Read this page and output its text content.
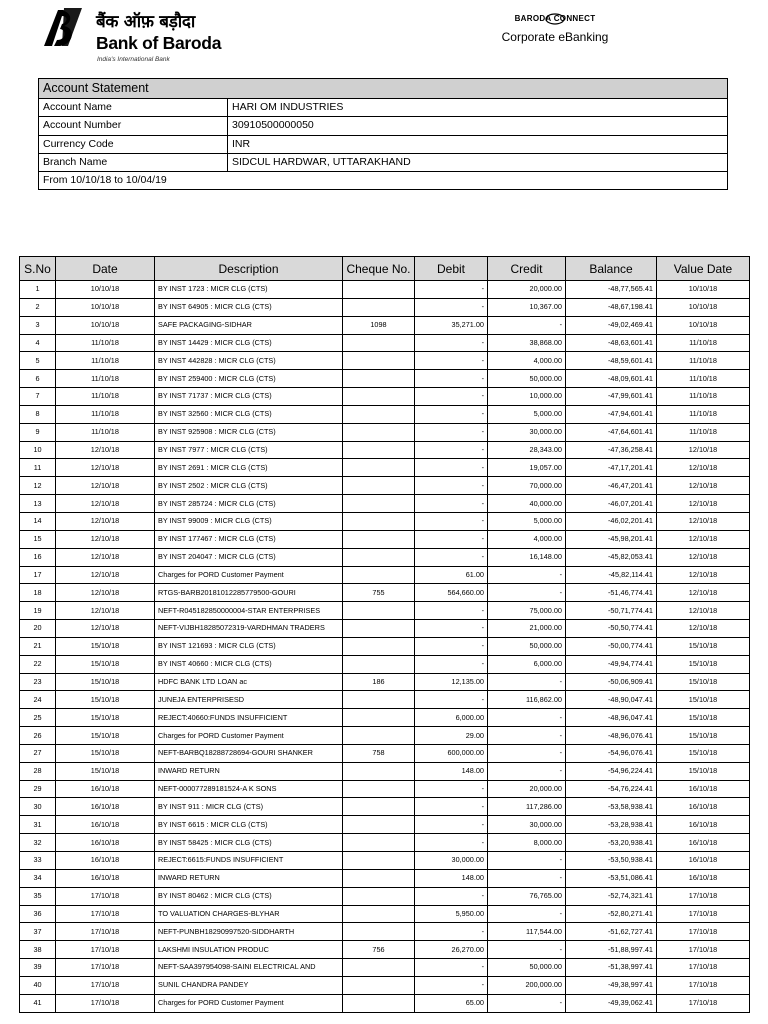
बैंक ऑफ़ बड़ौदा
Bank of Baroda
India's International Bank
BARODA CONNECT
Corporate eBanking
Account Statement	
Account Name	HARI OM INDUSTRIES
Account Number	30910500000050
Currency Code	INR
Branch Name	SIDCUL HARDWAR, UTTARAKHAND
From 10/10/18 to 10/04/19	
S.No	Date	Description	Cheque No.	Debit	Credit	Balance	Value Date
1	10/10/18	BY INST 1723 : MICR CLG (CTS)		-	20,000.00	-48,77,565.41	10/10/18
2	10/10/18	BY INST 64905 : MICR CLG (CTS)		-	10,367.00	-48,67,198.41	10/10/18
3	10/10/18	SAFE PACKAGING-SIDHAR	1098	35,271.00	-	-49,02,469.41	10/10/18
4	11/10/18	BY INST 14429 : MICR CLG (CTS)		-	38,868.00	-48,63,601.41	11/10/18
5	11/10/18	BY INST 442828 : MICR CLG (CTS)		-	4,000.00	-48,59,601.41	11/10/18
6	11/10/18	BY INST 259400 : MICR CLG (CTS)		-	50,000.00	-48,09,601.41	11/10/18
7	11/10/18	BY INST 71737 : MICR CLG (CTS)		-	10,000.00	-47,99,601.41	11/10/18
8	11/10/18	BY INST 32560 : MICR CLG (CTS)		-	5,000.00	-47,94,601.41	11/10/18
9	11/10/18	BY INST 925908 : MICR CLG (CTS)		-	30,000.00	-47,64,601.41	11/10/18
10	12/10/18	BY INST 7977 : MICR CLG (CTS)		-	28,343.00	-47,36,258.41	12/10/18
11	12/10/18	BY INST 2691 : MICR CLG (CTS)		-	19,057.00	-47,17,201.41	12/10/18
12	12/10/18	BY INST 2502 : MICR CLG (CTS)		-	70,000.00	-46,47,201.41	12/10/18
13	12/10/18	BY INST 285724 : MICR CLG (CTS)		-	40,000.00	-46,07,201.41	12/10/18
14	12/10/18	BY INST 99009 : MICR CLG (CTS)		-	5,000.00	-46,02,201.41	12/10/18
15	12/10/18	BY INST 177467 : MICR CLG (CTS)		-	4,000.00	-45,98,201.41	12/10/18
16	12/10/18	BY INST 204047 : MICR CLG (CTS)		-	16,148.00	-45,82,053.41	12/10/18
17	12/10/18	Charges for PORD Customer Payment		61.00	-	-45,82,114.41	12/10/18
18	12/10/18	RTGS-BARB20181012285779500-GOURI	755	564,660.00	-	-51,46,774.41	12/10/18
19	12/10/18	NEFT-R045182850000004-STAR ENTERPRISES		-	75,000.00	-50,71,774.41	12/10/18
20	12/10/18	NEFT-VIJBH18285072319-VARDHMAN TRADERS		-	21,000.00	-50,50,774.41	12/10/18
21	15/10/18	BY INST 121693 : MICR CLG (CTS)		-	50,000.00	-50,00,774.41	15/10/18
22	15/10/18	BY INST 40660 : MICR CLG (CTS)		-	6,000.00	-49,94,774.41	15/10/18
23	15/10/18	HDFC BANK LTD LOAN ac	186	12,135.00	-	-50,06,909.41	15/10/18
24	15/10/18	JUNEJA ENTERPRISESD		-	116,862.00	-48,90,047.41	15/10/18
25	15/10/18	REJECT:40660:FUNDS INSUFFICIENT		6,000.00	-	-48,96,047.41	15/10/18
26	15/10/18	Charges for PORD Customer Payment		29.00	-	-48,96,076.41	15/10/18
27	15/10/18	NEFT-BARBQ18288728694-GOURI SHANKER	758	600,000.00	-	-54,96,076.41	15/10/18
28	15/10/18	INWARD RETURN		148.00	-	-54,96,224.41	15/10/18
29	16/10/18	NEFT-000077289181524-A K SONS		-	20,000.00	-54,76,224.41	16/10/18
30	16/10/18	BY INST 911 : MICR CLG (CTS)		-	117,286.00	-53,58,938.41	16/10/18
31	16/10/18	BY INST 6615 : MICR CLG (CTS)		-	30,000.00	-53,28,938.41	16/10/18
32	16/10/18	BY INST 58425 : MICR CLG (CTS)		-	8,000.00	-53,20,938.41	16/10/18
33	16/10/18	REJECT:6615:FUNDS INSUFFICIENT		30,000.00	-	-53,50,938.41	16/10/18
34	16/10/18	INWARD RETURN		148.00	-	-53,51,086.41	16/10/18
35	17/10/18	BY INST 80462 : MICR CLG (CTS)		-	76,765.00	-52,74,321.41	17/10/18
36	17/10/18	TO VALUATION CHARGES-BLYHAR		5,950.00	-	-52,80,271.41	17/10/18
37	17/10/18	NEFT-PUNBH18290997520-SIDDHARTH		-	117,544.00	-51,62,727.41	17/10/18
38	17/10/18	LAKSHMI INSULATION PRODUC	756	26,270.00	-	-51,88,997.41	17/10/18
39	17/10/18	NEFT-SAA397954098-SAINI ELECTRICAL AND		-	50,000.00	-51,38,997.41	17/10/18
40	17/10/18	SUNIL CHANDRA PANDEY		-	200,000.00	-49,38,997.41	17/10/18
41	17/10/18	Charges for PORD Customer Payment		65.00	-	-49,39,062.41	17/10/18
